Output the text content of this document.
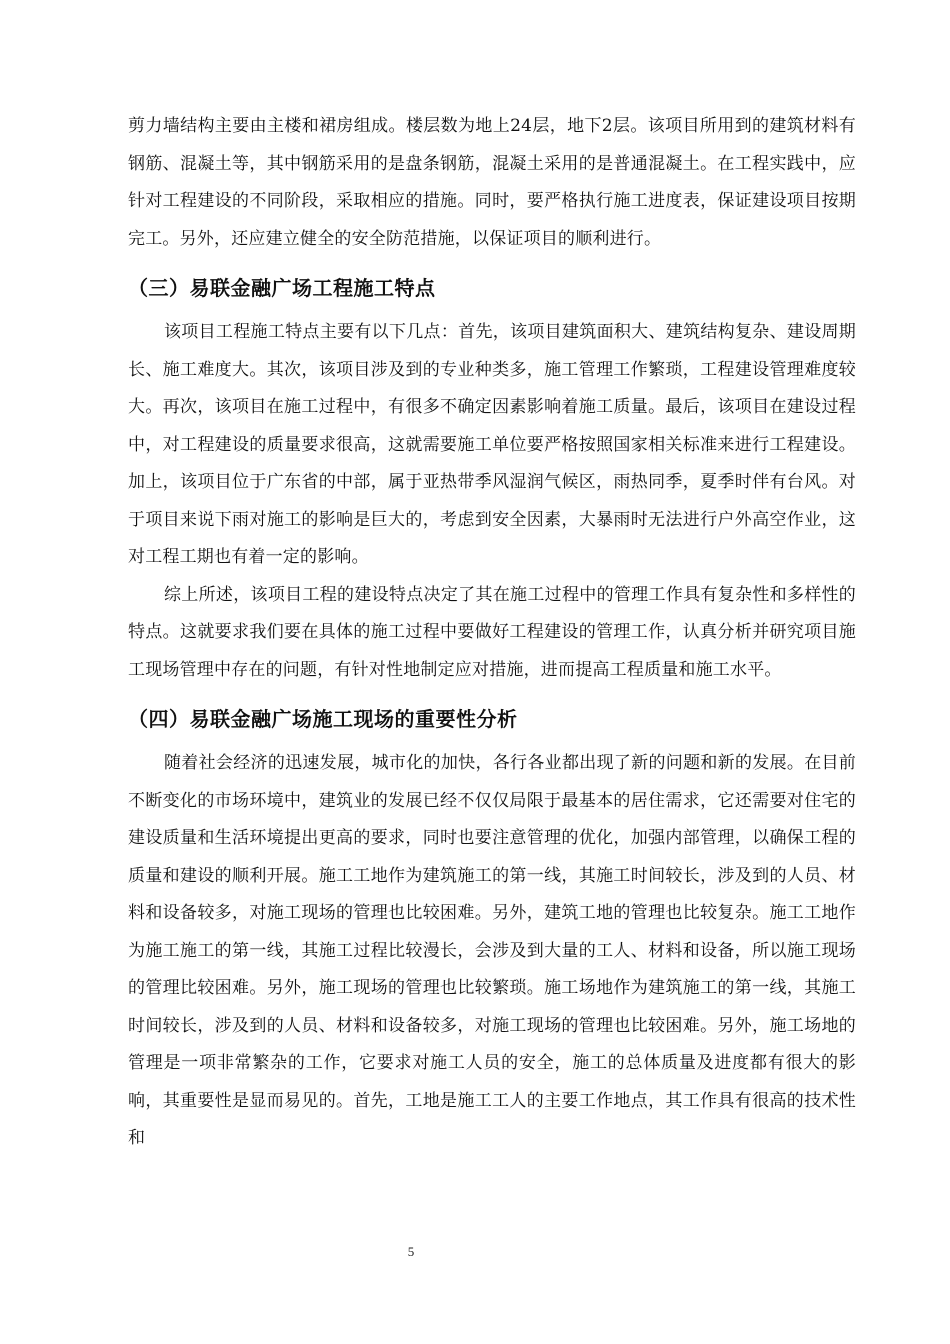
剪力墙结构主要由主楼和裙房组成。楼层数为地上24层，地下2层。该项目所用到的建筑材料有钢筋、混凝土等，其中钢筋采用的是盘条钢筋，混凝土采用的是普通混凝土。在工程实践中，应针对工程建设的不同阶段，采取相应的措施。同时，要严格执行施工进度表，保证建设项目按期完工。另外，还应建立健全的安全防范措施，以保证项目的顺利进行。

（三）易联金融广场工程施工特点

该项目工程施工特点主要有以下几点：首先，该项目建筑面积大、建筑结构复杂、建设周期长、施工难度大。其次，该项目涉及到的专业种类多，施工管理工作繁琐，工程建设管理难度较大。再次，该项目在施工过程中，有很多不确定因素影响着施工质量。最后，该项目在建设过程中，对工程建设的质量要求很高，这就需要施工单位要严格按照国家相关标准来进行工程建设。加上，该项目位于广东省的中部，属于亚热带季风湿润气候区，雨热同季，夏季时伴有台风。对于项目来说下雨对施工的影响是巨大的，考虑到安全因素，大暴雨时无法进行户外高空作业，这对工程工期也有着一定的影响。

综上所述，该项目工程的建设特点决定了其在施工过程中的管理工作具有复杂性和多样性的特点。这就要求我们要在具体的施工过程中要做好工程建设的管理工作，认真分析并研究项目施工现场管理中存在的问题，有针对性地制定应对措施，进而提高工程质量和施工水平。

（四）易联金融广场施工现场的重要性分析

随着社会经济的迅速发展，城市化的加快，各行各业都出现了新的问题和新的发展。在目前不断变化的市场环境中，建筑业的发展已经不仅仅局限于最基本的居住需求，它还需要对住宅的建设质量和生活环境提出更高的要求，同时也要注意管理的优化，加强内部管理，以确保工程的质量和建设的顺利开展。施工工地作为建筑施工的第一线，其施工时间较长，涉及到的人员、材料和设备较多，对施工现场的管理也比较困难。另外，建筑工地的管理也比较复杂。施工工地作为施工施工的第一线，其施工过程比较漫长，会涉及到大量的工人、材料和设备，所以施工现场的管理比较困难。另外，施工现场的管理也比较繁琐。施工场地作为建筑施工的第一线，其施工时间较长，涉及到的人员、材料和设备较多，对施工现场的管理也比较困难。另外，施工场地的管理是一项非常繁杂的工作，它要求对施工人员的安全，施工的总体质量及进度都有很大的影响，其重要性是显而易见的。首先，工地是施工工人的主要工作地点，其工作具有很高的技术性和

5
